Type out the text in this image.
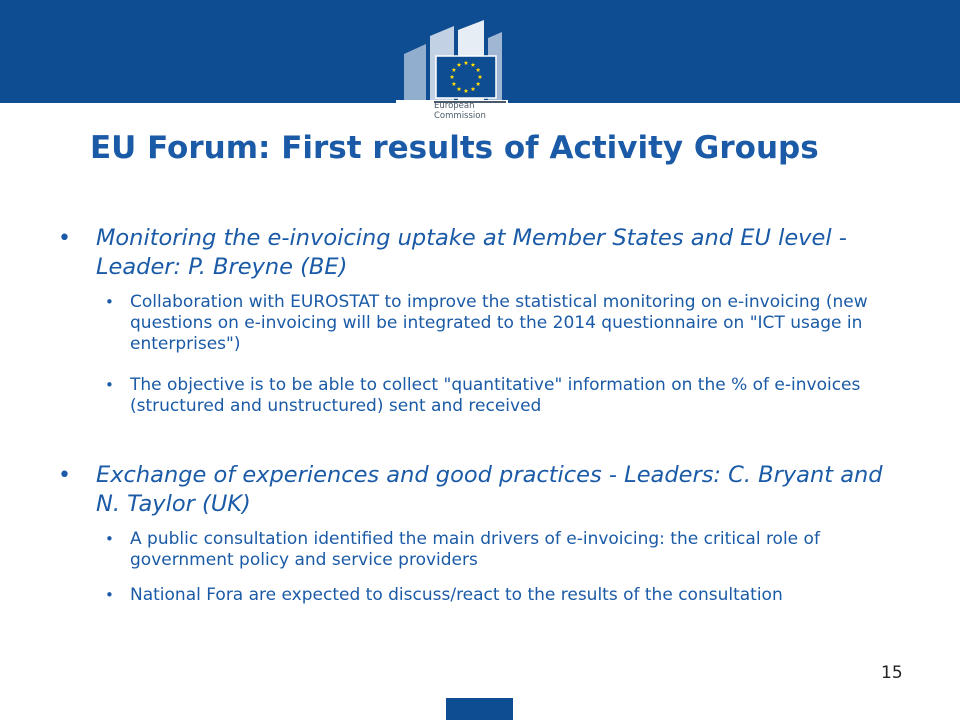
European
Commission
EU Forum: First results of Activity Groups
• Monitoring the e-invoicing uptake at Member States and EU level - Leader: P. Breyne (BE)
• Collaboration with EUROSTAT to improve the statistical monitoring on e-invoicing (new questions on e-invoicing will be integrated to the 2014 questionnaire on "ICT usage in enterprises")
• The objective is to be able to collect "quantitative" information on the % of e-invoices (structured and unstructured) sent and received
• Exchange of experiences and good practices - Leaders: C. Bryant and N. Taylor (UK)
• A public consultation identified the main drivers of e-invoicing: the critical role of government policy and service providers
• National Fora are expected to discuss/react to the results of the consultation
15
